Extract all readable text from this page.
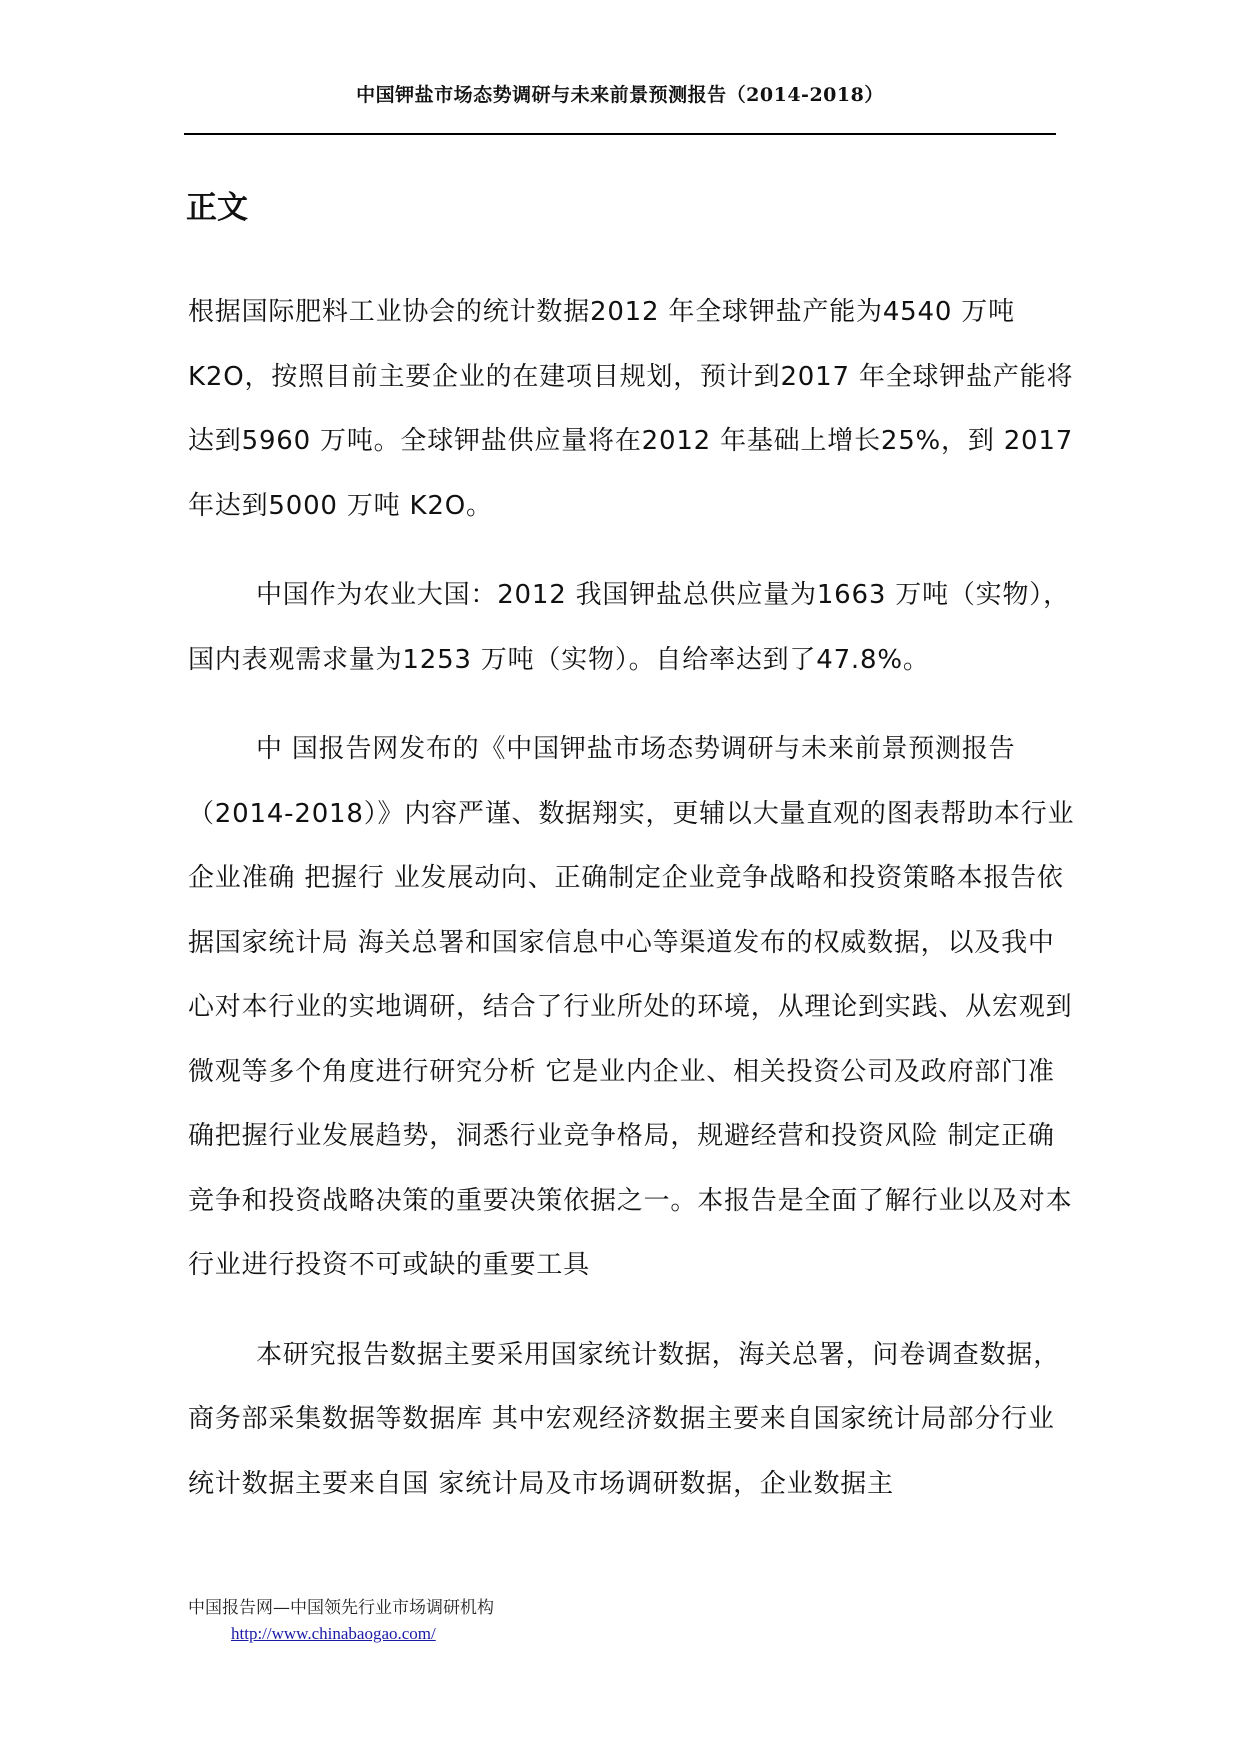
中国钾盐市场态势调研与未来前景预测报告（2014-2018）
正文

根据国际肥料工业协会的统计数据2012 年全球钾盐产能为4540 万吨K2O，按照目前主要企业的在建项目规划，预计到2017 年全球钾盐产能将达到5960 万吨。全球钾盐供应量将在2012 年基础上增长25%，到 2017 年达到5000 万吨 K2O。

中国作为农业大国：2012 我国钾盐总供应量为1663 万吨（实物），国内表观需求量为1253 万吨（实物）。自给率达到了47.8%。

中 国报告网发布的《中国钾盐市场态势调研与未来前景预测报告（2014-2018）》内容严谨、数据翔实，更辅以大量直观的图表帮助本行业企业准确 把握行 业发展动向、正确制定企业竞争战略和投资策略本报告依据国家统计局 海关总署和国家信息中心等渠道发布的权威数据，以及我中心对本行业的实地调研，结合了行业所处的环境，从理论到实践、从宏观到微观等多个角度进行研究分析 它是业内企业、相关投资公司及政府部门准确把握行业发展趋势，洞悉行业竞争格局，规避经营和投资风险 制定正确竞争和投资战略决策的重要决策依据之一。本报告是全面了解行业以及对本行业进行投资不可或缺的重要工具

本研究报告数据主要采用国家统计数据，海关总署，问卷调查数据，商务部采集数据等数据库 其中宏观经济数据主要来自国家统计局部分行业统计数据主要来自国 家统计局及市场调研数据，企业数据主

中国报告网—中国领先行业市场调研机构
http://www.chinabaogao.com/
